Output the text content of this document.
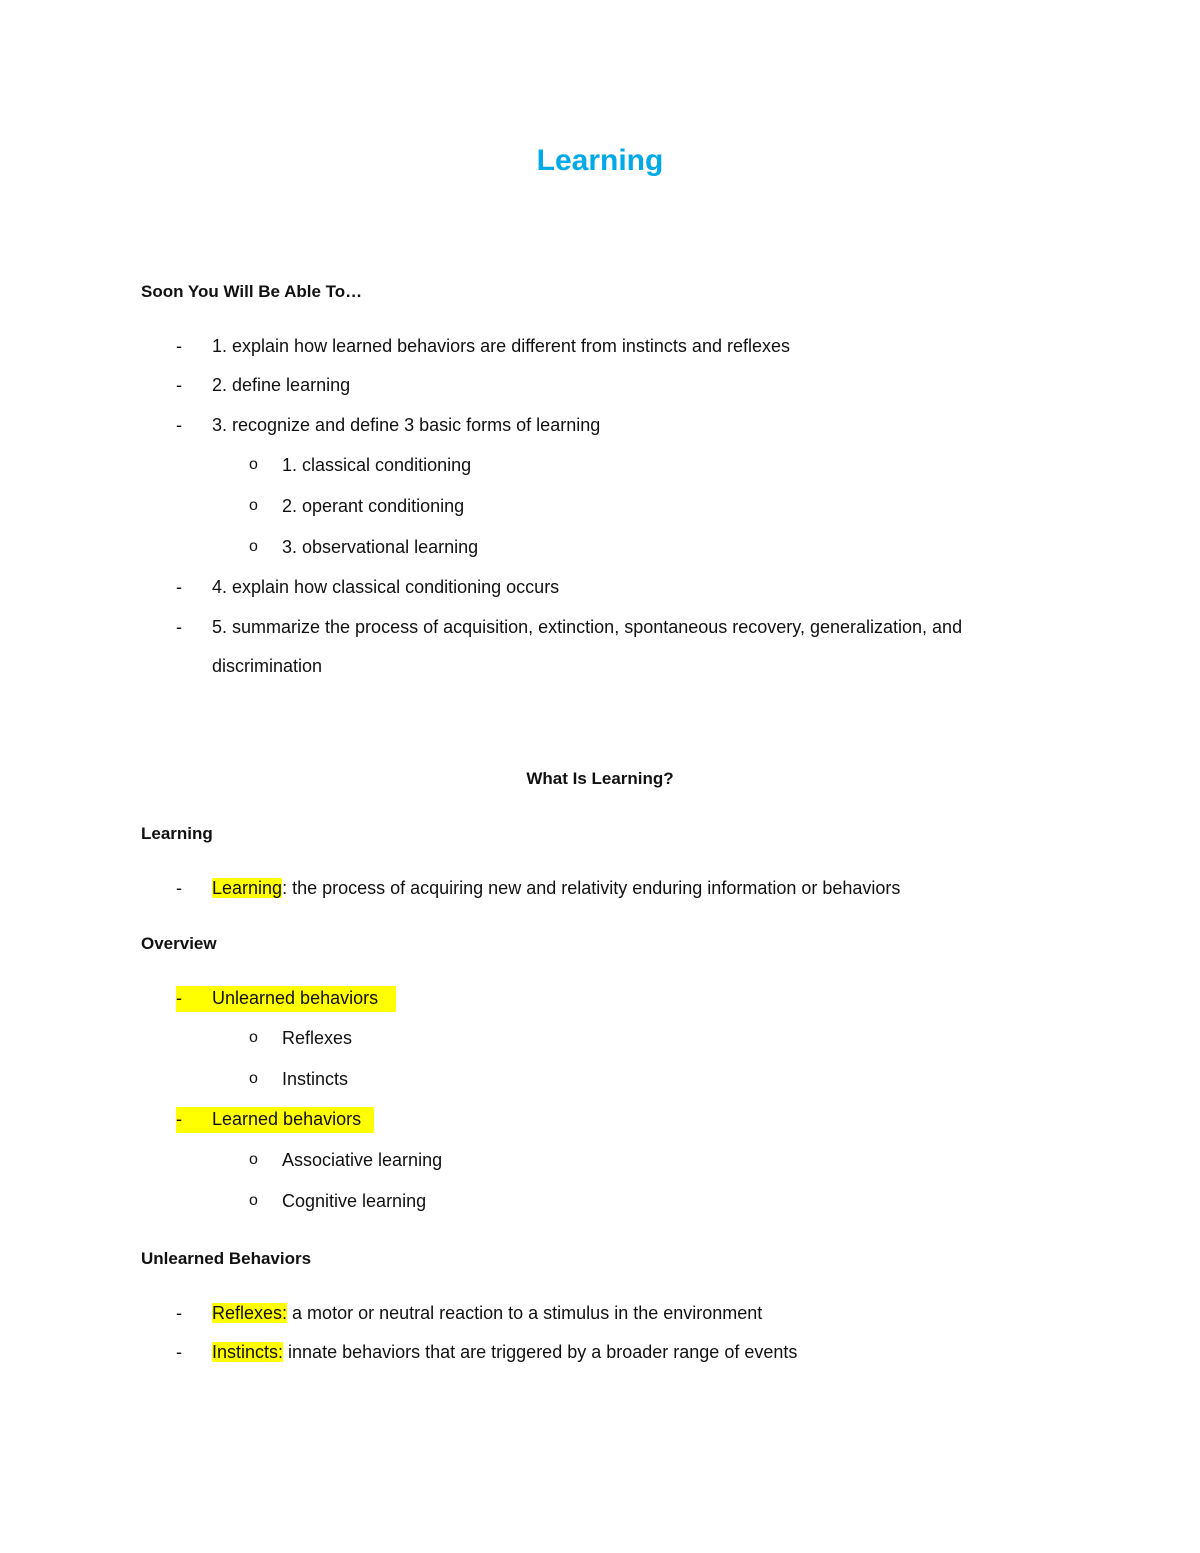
Learning
Soon You Will Be Able To…
- 1. explain how learned behaviors are different from instincts and reflexes
- 2. define learning
- 3. recognize and define 3 basic forms of learning
o 1. classical conditioning
o 2. operant conditioning
o 3. observational learning
- 4. explain how classical conditioning occurs
- 5. summarize the process of acquisition, extinction, spontaneous recovery, generalization, and
discrimination
What Is Learning?
Learning
- Learning: the process of acquiring new and relativity enduring information or behaviors
Overview
- Unlearned behaviors
o Reflexes
o Instincts
- Learned behaviors
o Associative learning
o Cognitive learning
Unlearned Behaviors
- Reflexes: a motor or neutral reaction to a stimulus in the environment
- Instincts: innate behaviors that are triggered by a broader range of events
